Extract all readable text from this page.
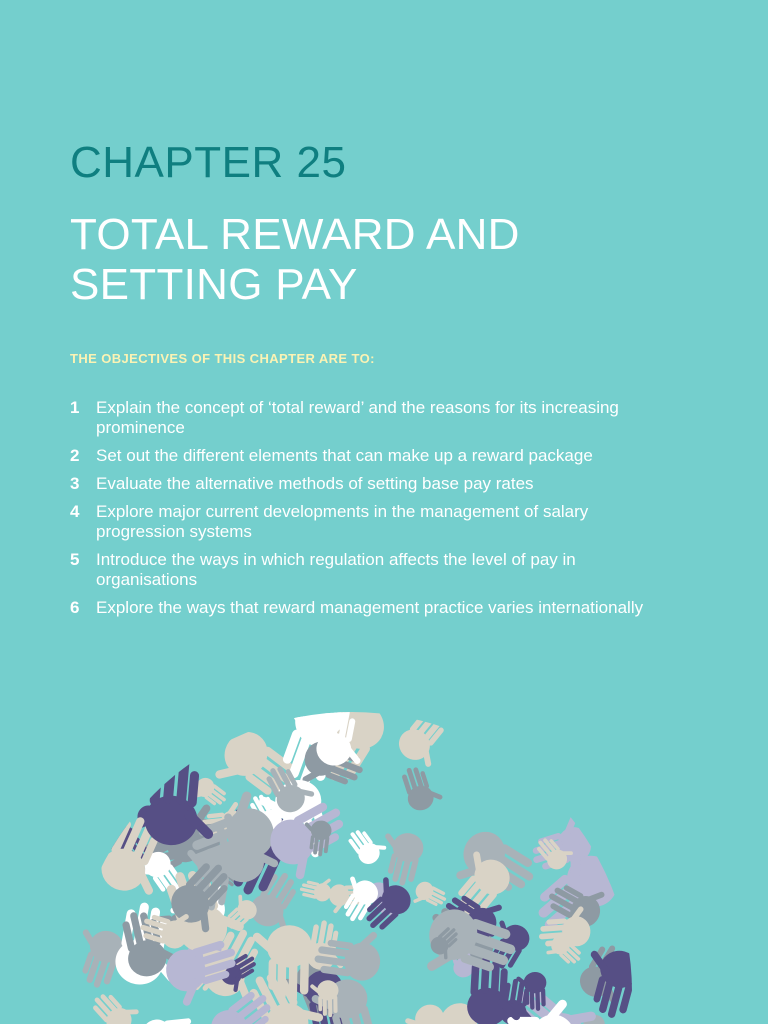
CHAPTER 25
TOTAL REWARD AND SETTING PAY
THE OBJECTIVES OF THIS CHAPTER ARE TO:
1 Explain the concept of ‘total reward’ and the reasons for its increasing prominence
2 Set out the different elements that can make up a reward package
3 Evaluate the alternative methods of setting base pay rates
4 Explore major current developments in the management of salary progression systems
5 Introduce the ways in which regulation affects the level of pay in organisations
6 Explore the ways that reward management practice varies internationally
